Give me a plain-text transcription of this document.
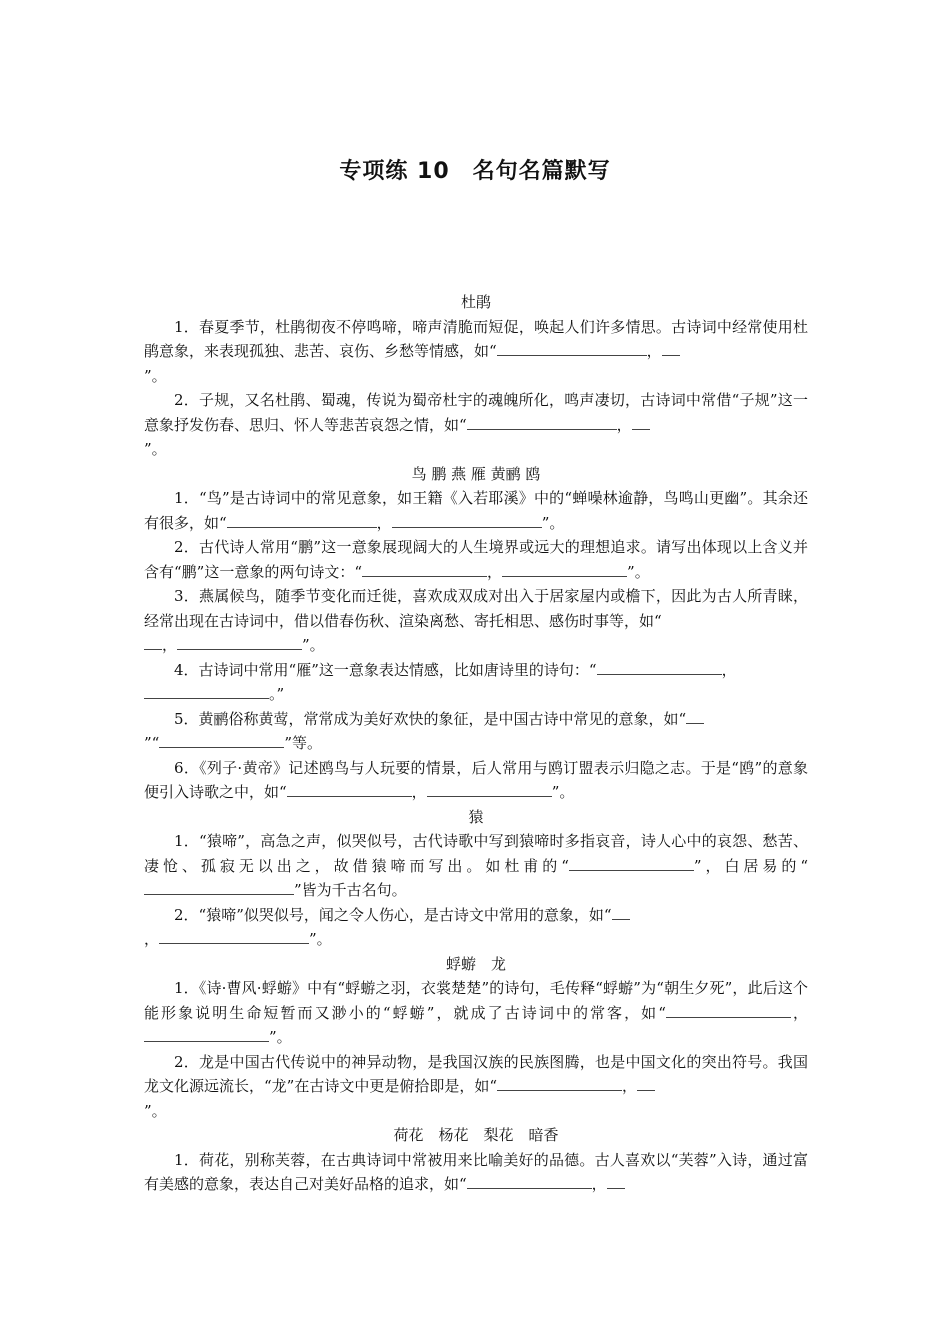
专项练 10　名句名篇默写
杜鹃

1．春夏季节，杜鹃彻夜不停鸣啼，啼声清脆而短促，唤起人们许多情思。古诗词中经常使用杜鹃意象，来表现孤独、悲苦、哀伤、乡愁等情感，如“	，
”。

2．子规，又名杜鹃、蜀魂，传说为蜀帝杜宇的魂魄所化，鸣声凄切，古诗词中常借“子规”这一意象抒发伤春、思归、怀人等悲苦哀怨之情，如“	，
”。

鸟 鹏 燕 雁 黄鹂 鸥

1．“鸟”是古诗词中的常见意象，如王籍《入若耶溪》中的“蝉噪林逾静，鸟鸣山更幽”。其余还有很多，如“	，	”。

2．古代诗人常用“鹏”这一意象展现阔大的人生境界或远大的理想追求。请写出体现以上含义并含有“鹏”这一意象的两句诗文：“	，	”。

3．燕属候鸟，随季节变化而迁徙，喜欢成双成对出入于居家屋内或檐下，因此为古人所青睐，经常出现在古诗词中，借以借春伤秋、渲染离愁、寄托相思、感伤时事等，如“
，	”。

4．古诗词中常用“雁”这一意象表达情感，比如唐诗里的诗句：“	，
。”

5．黄鹂俗称黄莺，常常成为美好欢快的象征，是中国古诗中常见的意象，如“
”“	”等。

6．《列子·黄帝》记述鸥鸟与人玩要的情景，后人常用与鸥订盟表示归隐之志。于是“鸥”的意象便引入诗歌之中，如“	，	”。

猿

1．“猿啼”，高急之声，似哭似号，古代诗歌中写到猿啼时多指哀音，诗人心中的哀怨、愁苦、凄怆、孤寂无以出之，故借猿啼而写出。如杜甫的“	”，白居易的“”皆为千古名句。

2．“猿啼”似哭似号，闻之令人伤心，是古诗文中常用的意象，如“
，	”。

蜉蝣　龙

1．《诗·曹风·蜉蝣》中有“蜉蝣之羽，衣裳楚楚”的诗句，毛传释“蜉蝣”为“朝生夕死”，此后这个能形象说明生命短暂而又渺小的“蜉蝣”，就成了古诗词中的常客，如“	，”。

2．龙是中国古代传说中的神异动物，是我国汉族的民族图腾，也是中国文化的突出符号。我国龙文化源远流长，“龙”在古诗文中更是俯拾即是，如“	，
”。

荷花　杨花　梨花　暗香

1．荷花，别称芙蓉，在古典诗词中常被用来比喻美好的品德。古人喜欢以“芙蓉”入诗，通过富有美感的意象，表达自己对美好品格的追求，如“	，
